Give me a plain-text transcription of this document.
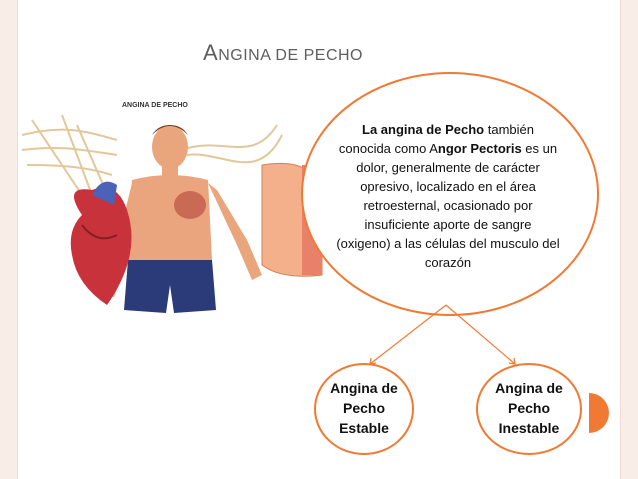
ANGINA DE PECHO
ANGINA DE PECHO

La angina de Pecho también conocida como Angor Pectoris es un dolor, generalmente de carácter opresivo, localizado en el área retroesternal, ocasionado por insuficiente aporte de sangre (oxigeno) a las células del musculo del corazón

Angina de Pecho Estable
Angina de Pecho Inestable
